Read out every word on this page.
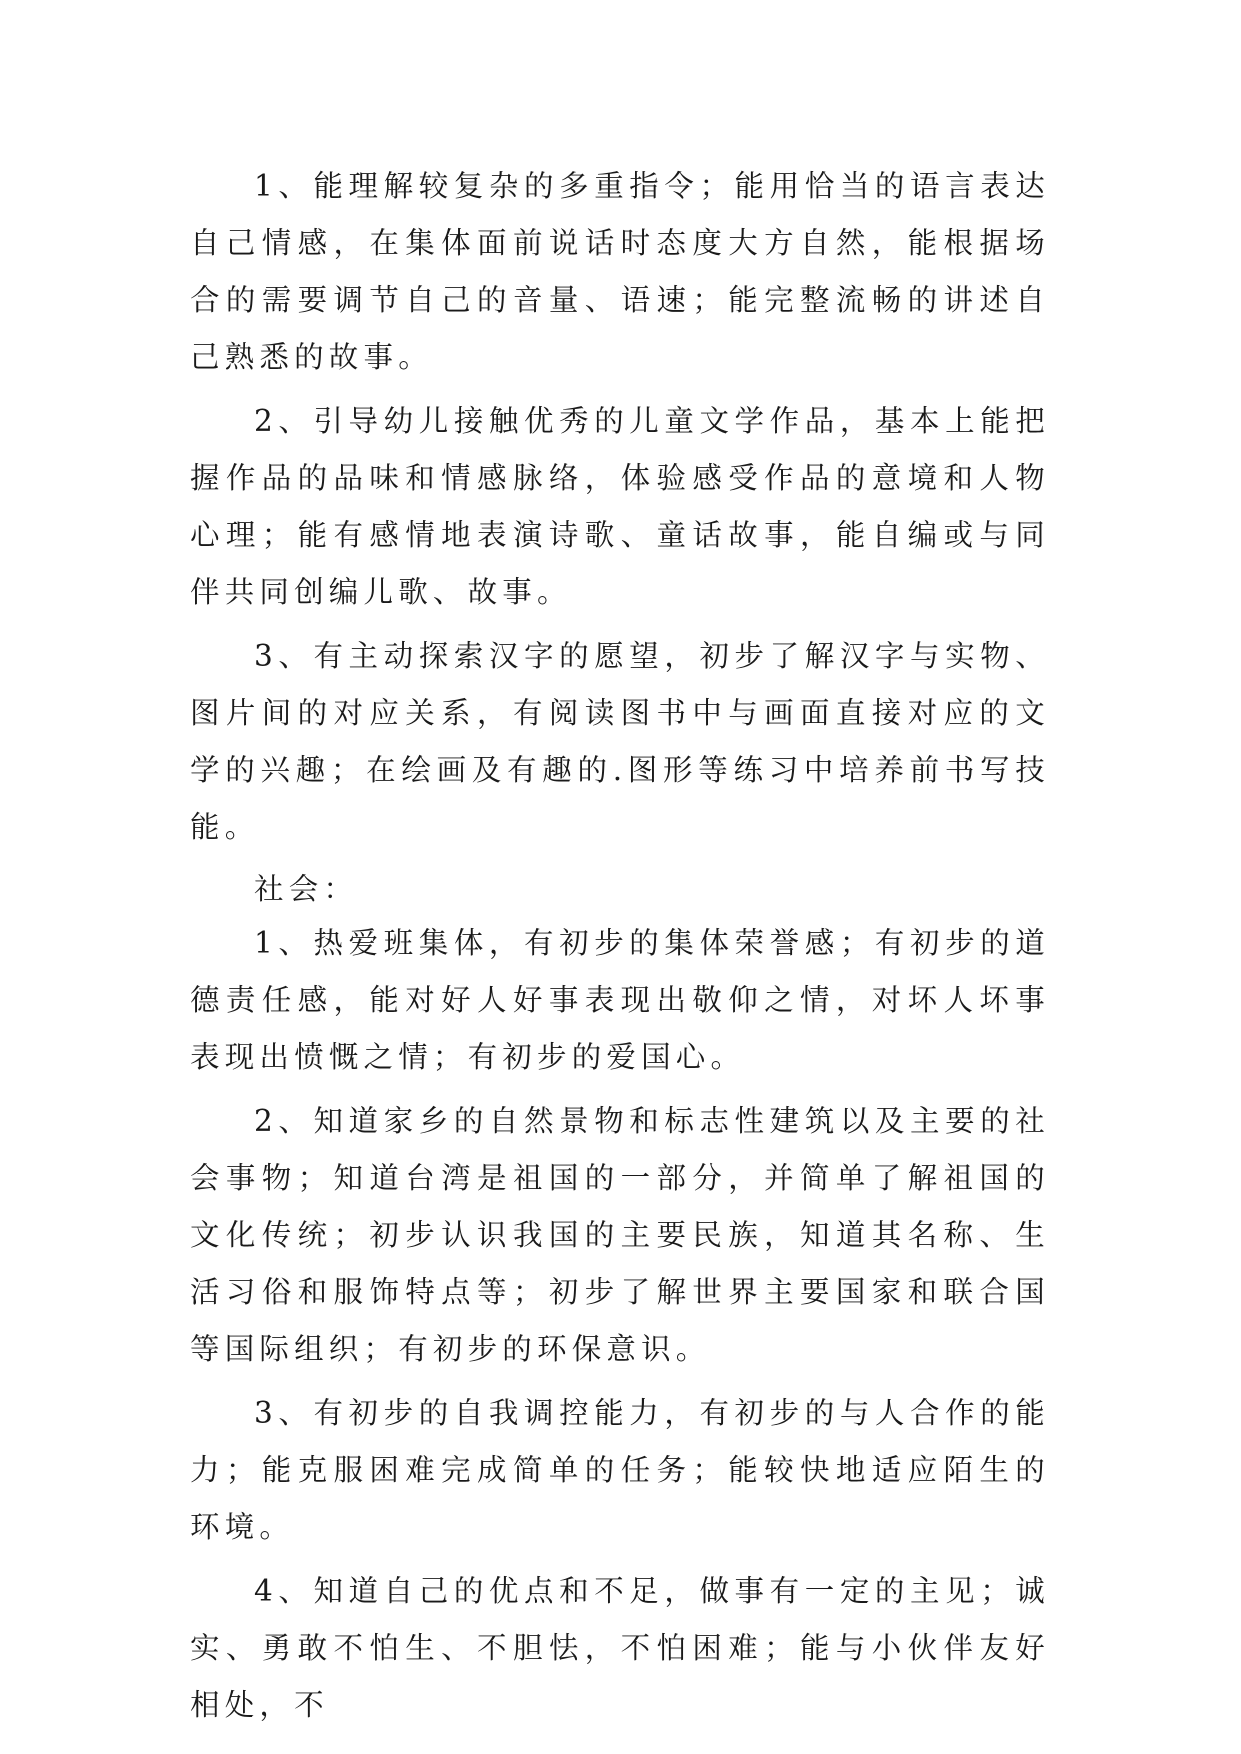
1、能理解较复杂的多重指令；能用恰当的语言表达自己情感，在集体面前说话时态度大方自然，能根据场合的需要调节自己的音量、语速；能完整流畅的讲述自己熟悉的故事。

2、引导幼儿接触优秀的儿童文学作品，基本上能把握作品的品味和情感脉络，体验感受作品的意境和人物心理；能有感情地表演诗歌、童话故事，能自编或与同伴共同创编儿歌、故事。

3、有主动探索汉字的愿望，初步了解汉字与实物、图片间的对应关系，有阅读图书中与画面直接对应的文学的兴趣；在绘画及有趣的.图形等练习中培养前书写技能。

社会：

1、热爱班集体，有初步的集体荣誉感；有初步的道德责任感，能对好人好事表现出敬仰之情，对坏人坏事表现出愤慨之情；有初步的爱国心。

2、知道家乡的自然景物和标志性建筑以及主要的社会事物；知道台湾是祖国的一部分，并简单了解祖国的文化传统；初步认识我国的主要民族，知道其名称、生活习俗和服饰特点等；初步了解世界主要国家和联合国等国际组织；有初步的环保意识。

3、有初步的自我调控能力，有初步的与人合作的能力；能克服困难完成简单的任务；能较快地适应陌生的环境。

4、知道自己的优点和不足，做事有一定的主见；诚实、勇敢不怕生、不胆怯，不怕困难；能与小伙伴友好相处，不
